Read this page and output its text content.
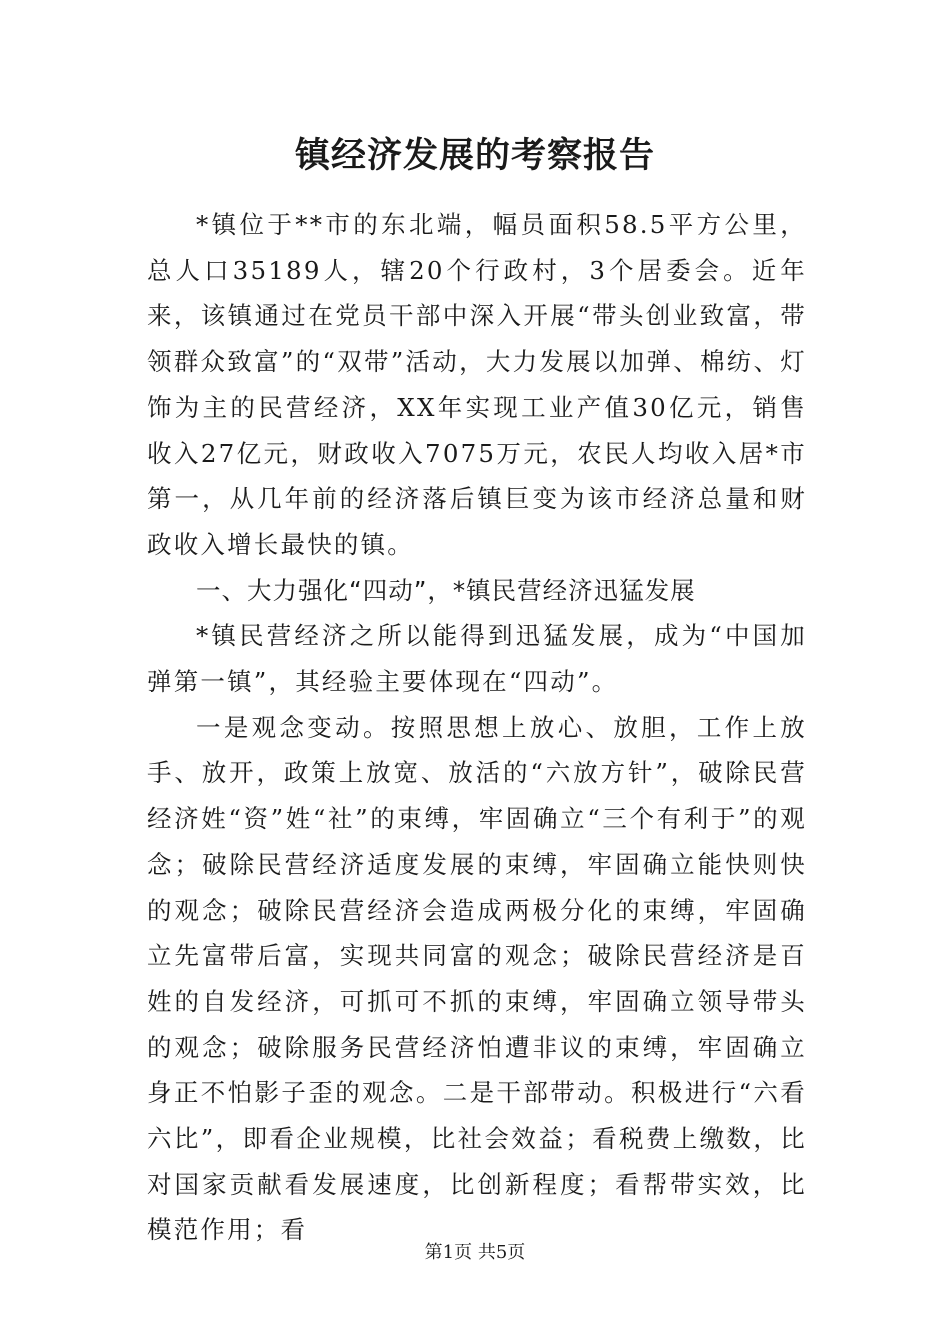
镇经济发展的考察报告

*镇位于**市的东北端，幅员面积58.5平方公里，总人口35189人，辖20个行政村，3个居委会。近年来，该镇通过在党员干部中深入开展“带头创业致富，带领群众致富”的“双带”活动，大力发展以加弹、棉纺、灯饰为主的民营经济，XX年实现工业产值30亿元，销售收入27亿元，财政收入7075万元，农民人均收入居*市第一，从几年前的经济落后镇巨变为该市经济总量和财政收入增长最快的镇。

一、大力强化“四动”，*镇民营经济迅猛发展

*镇民营经济之所以能得到迅猛发展，成为“中国加弹第一镇”，其经验主要体现在“四动”。

一是观念变动。按照思想上放心、放胆，工作上放手、放开，政策上放宽、放活的“六放方针”，破除民营经济姓“资”姓“社”的束缚，牢固确立“三个有利于”的观念；破除民营经济适度发展的束缚，牢固确立能快则快的观念；破除民营经济会造成两极分化的束缚，牢固确立先富带后富，实现共同富的观念；破除民营经济是百姓的自发经济，可抓可不抓的束缚，牢固确立领导带头的观念；破除服务民营经济怕遭非议的束缚，牢固确立身正不怕影子歪的观念。二是干部带动。积极进行“六看六比”，即看企业规模，比社会效益；看税费上缴数，比对国家贡献看发展速度，比创新程度；看帮带实效，比模范作用；看

第1页 共5页
